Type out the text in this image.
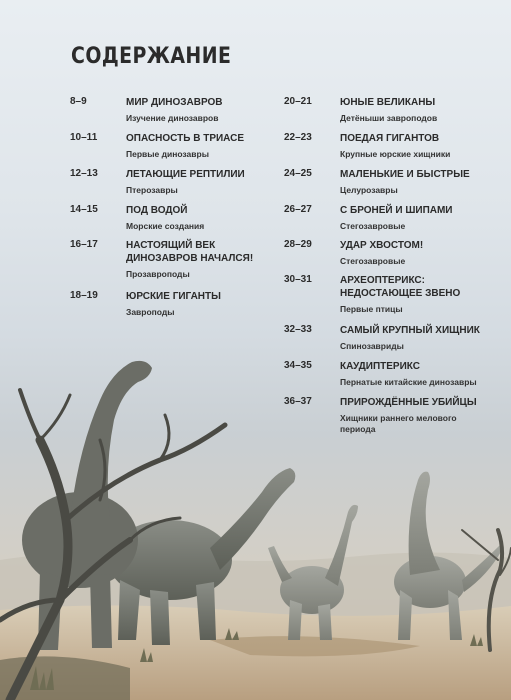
СОДЕРЖАНИЕ
8–9	МИР ДИНОЗАВРОВ
Изучение динозавров
10–11	ОПАСНОСТЬ В ТРИАСЕ
Первые динозавры
12–13	ЛЕТАЮЩИЕ РЕПТИЛИИ
Птерозавры
14–15	ПОД ВОДОЙ
Морские создания
16–17	НАСТОЯЩИЙ ВЕК ДИНОЗАВРОВ НАЧАЛСЯ!
Прозавроподы
18–19	ЮРСКИЕ ГИГАНТЫ
Завроподы
20–21	ЮНЫЕ ВЕЛИКАНЫ
Детёныши завроподов
22–23	ПОЕДАЯ ГИГАНТОВ
Крупные юрские хищники
24–25	МАЛЕНЬКИЕ И БЫСТРЫЕ
Целурозавры
26–27	С БРОНЕЙ И ШИПАМИ
Стегозавровые
28–29	УДАР ХВОСТОМ!
Стегозавровые
30–31	АРХЕОПТЕРИКС: НЕДОСТАЮЩЕЕ ЗВЕНО
Первые птицы
32–33	САМЫЙ КРУПНЫЙ ХИЩНИК
Спинозавриды
34–35	КАУДИПТЕРИКС
Пернатые китайские динозавры
36–37	ПРИРОЖДЁННЫЕ УБИЙЦЫ
Хищники раннего мелового периода
